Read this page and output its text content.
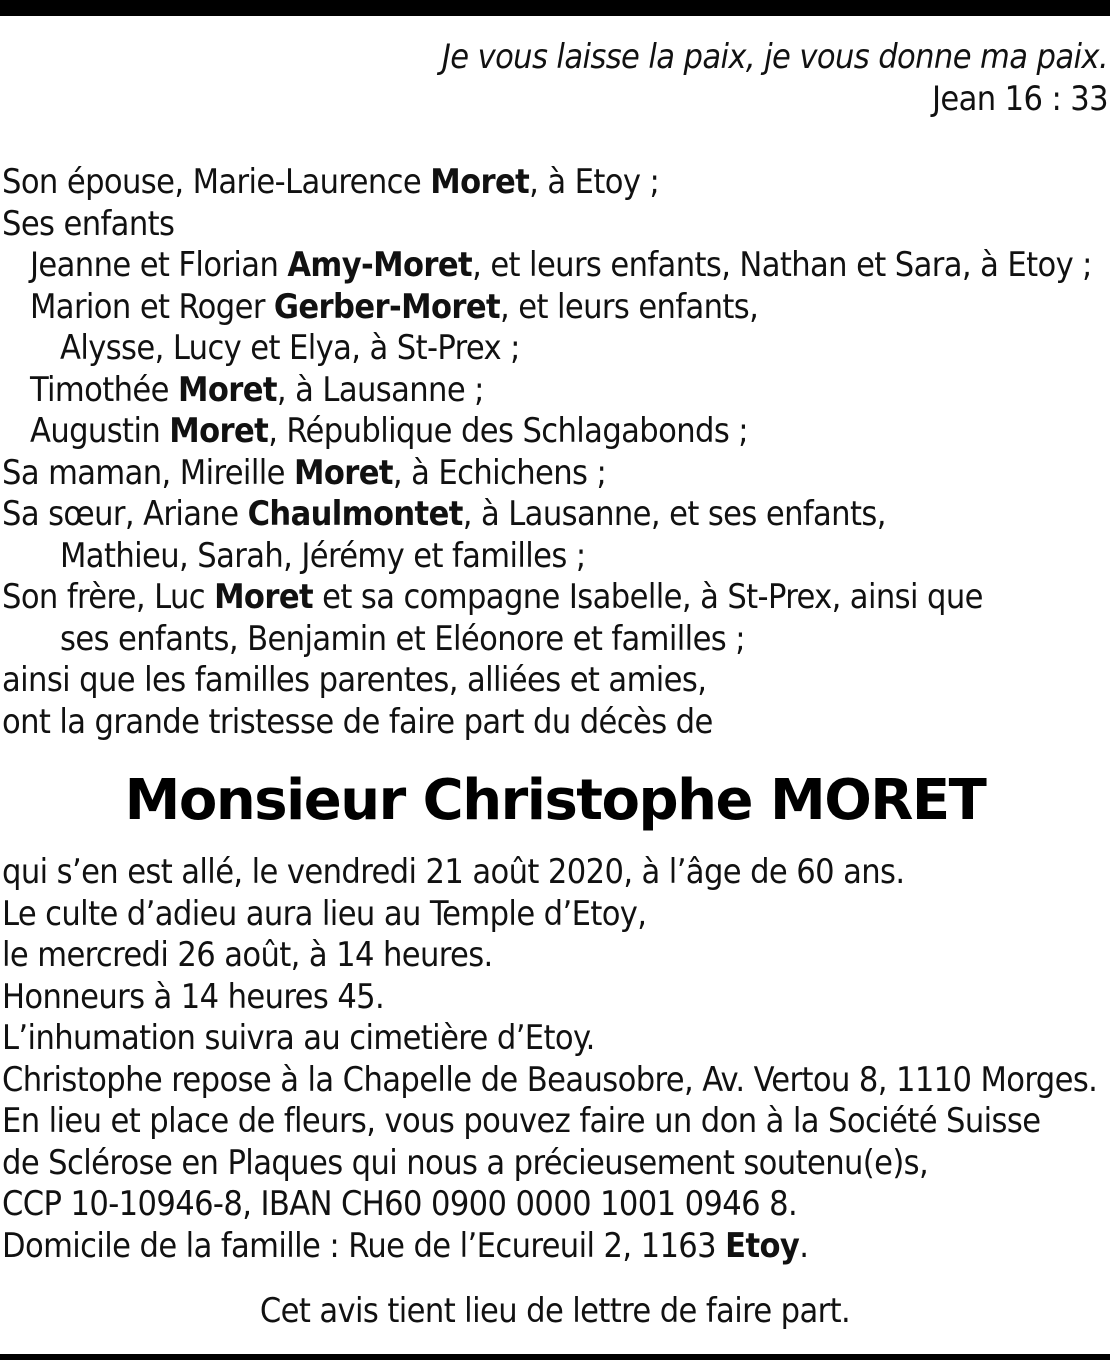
Je vous laisse la paix, je vous donne ma paix.
Jean 16 : 33
Son épouse, Marie-Laurence Moret, à Etoy ;
Ses enfants
Jeanne et Florian Amy-Moret, et leurs enfants, Nathan et Sara, à Etoy ;
Marion et Roger Gerber-Moret, et leurs enfants,
Alysse, Lucy et Elya, à St-Prex ;
Timothée Moret, à Lausanne ;
Augustin Moret, République des Schlagabonds ;
Sa maman, Mireille Moret, à Echichens ;
Sa sœur, Ariane Chaulmontet, à Lausanne, et ses enfants,
Mathieu, Sarah, Jérémy et familles ;
Son frère, Luc Moret et sa compagne Isabelle, à St-Prex, ainsi que
ses enfants, Benjamin et Eléonore et familles ;
ainsi que les familles parentes, alliées et amies,
ont la grande tristesse de faire part du décès de
Monsieur Christophe MORET
qui s’en est allé, le vendredi 21 août 2020, à l’âge de 60 ans.
Le culte d’adieu aura lieu au Temple d’Etoy,
le mercredi 26 août, à 14 heures.
Honneurs à 14 heures 45.
L’inhumation suivra au cimetière d’Etoy.
Christophe repose à la Chapelle de Beausobre, Av. Vertou 8, 1110 Morges.
En lieu et place de fleurs, vous pouvez faire un don à la Société Suisse
de Sclérose en Plaques qui nous a précieusement soutenu(e)s,
CCP 10-10946-8, IBAN CH60 0900 0000 1001 0946 8.
Domicile de la famille : Rue de l’Ecureuil 2, 1163 Etoy.
Cet avis tient lieu de lettre de faire part.
